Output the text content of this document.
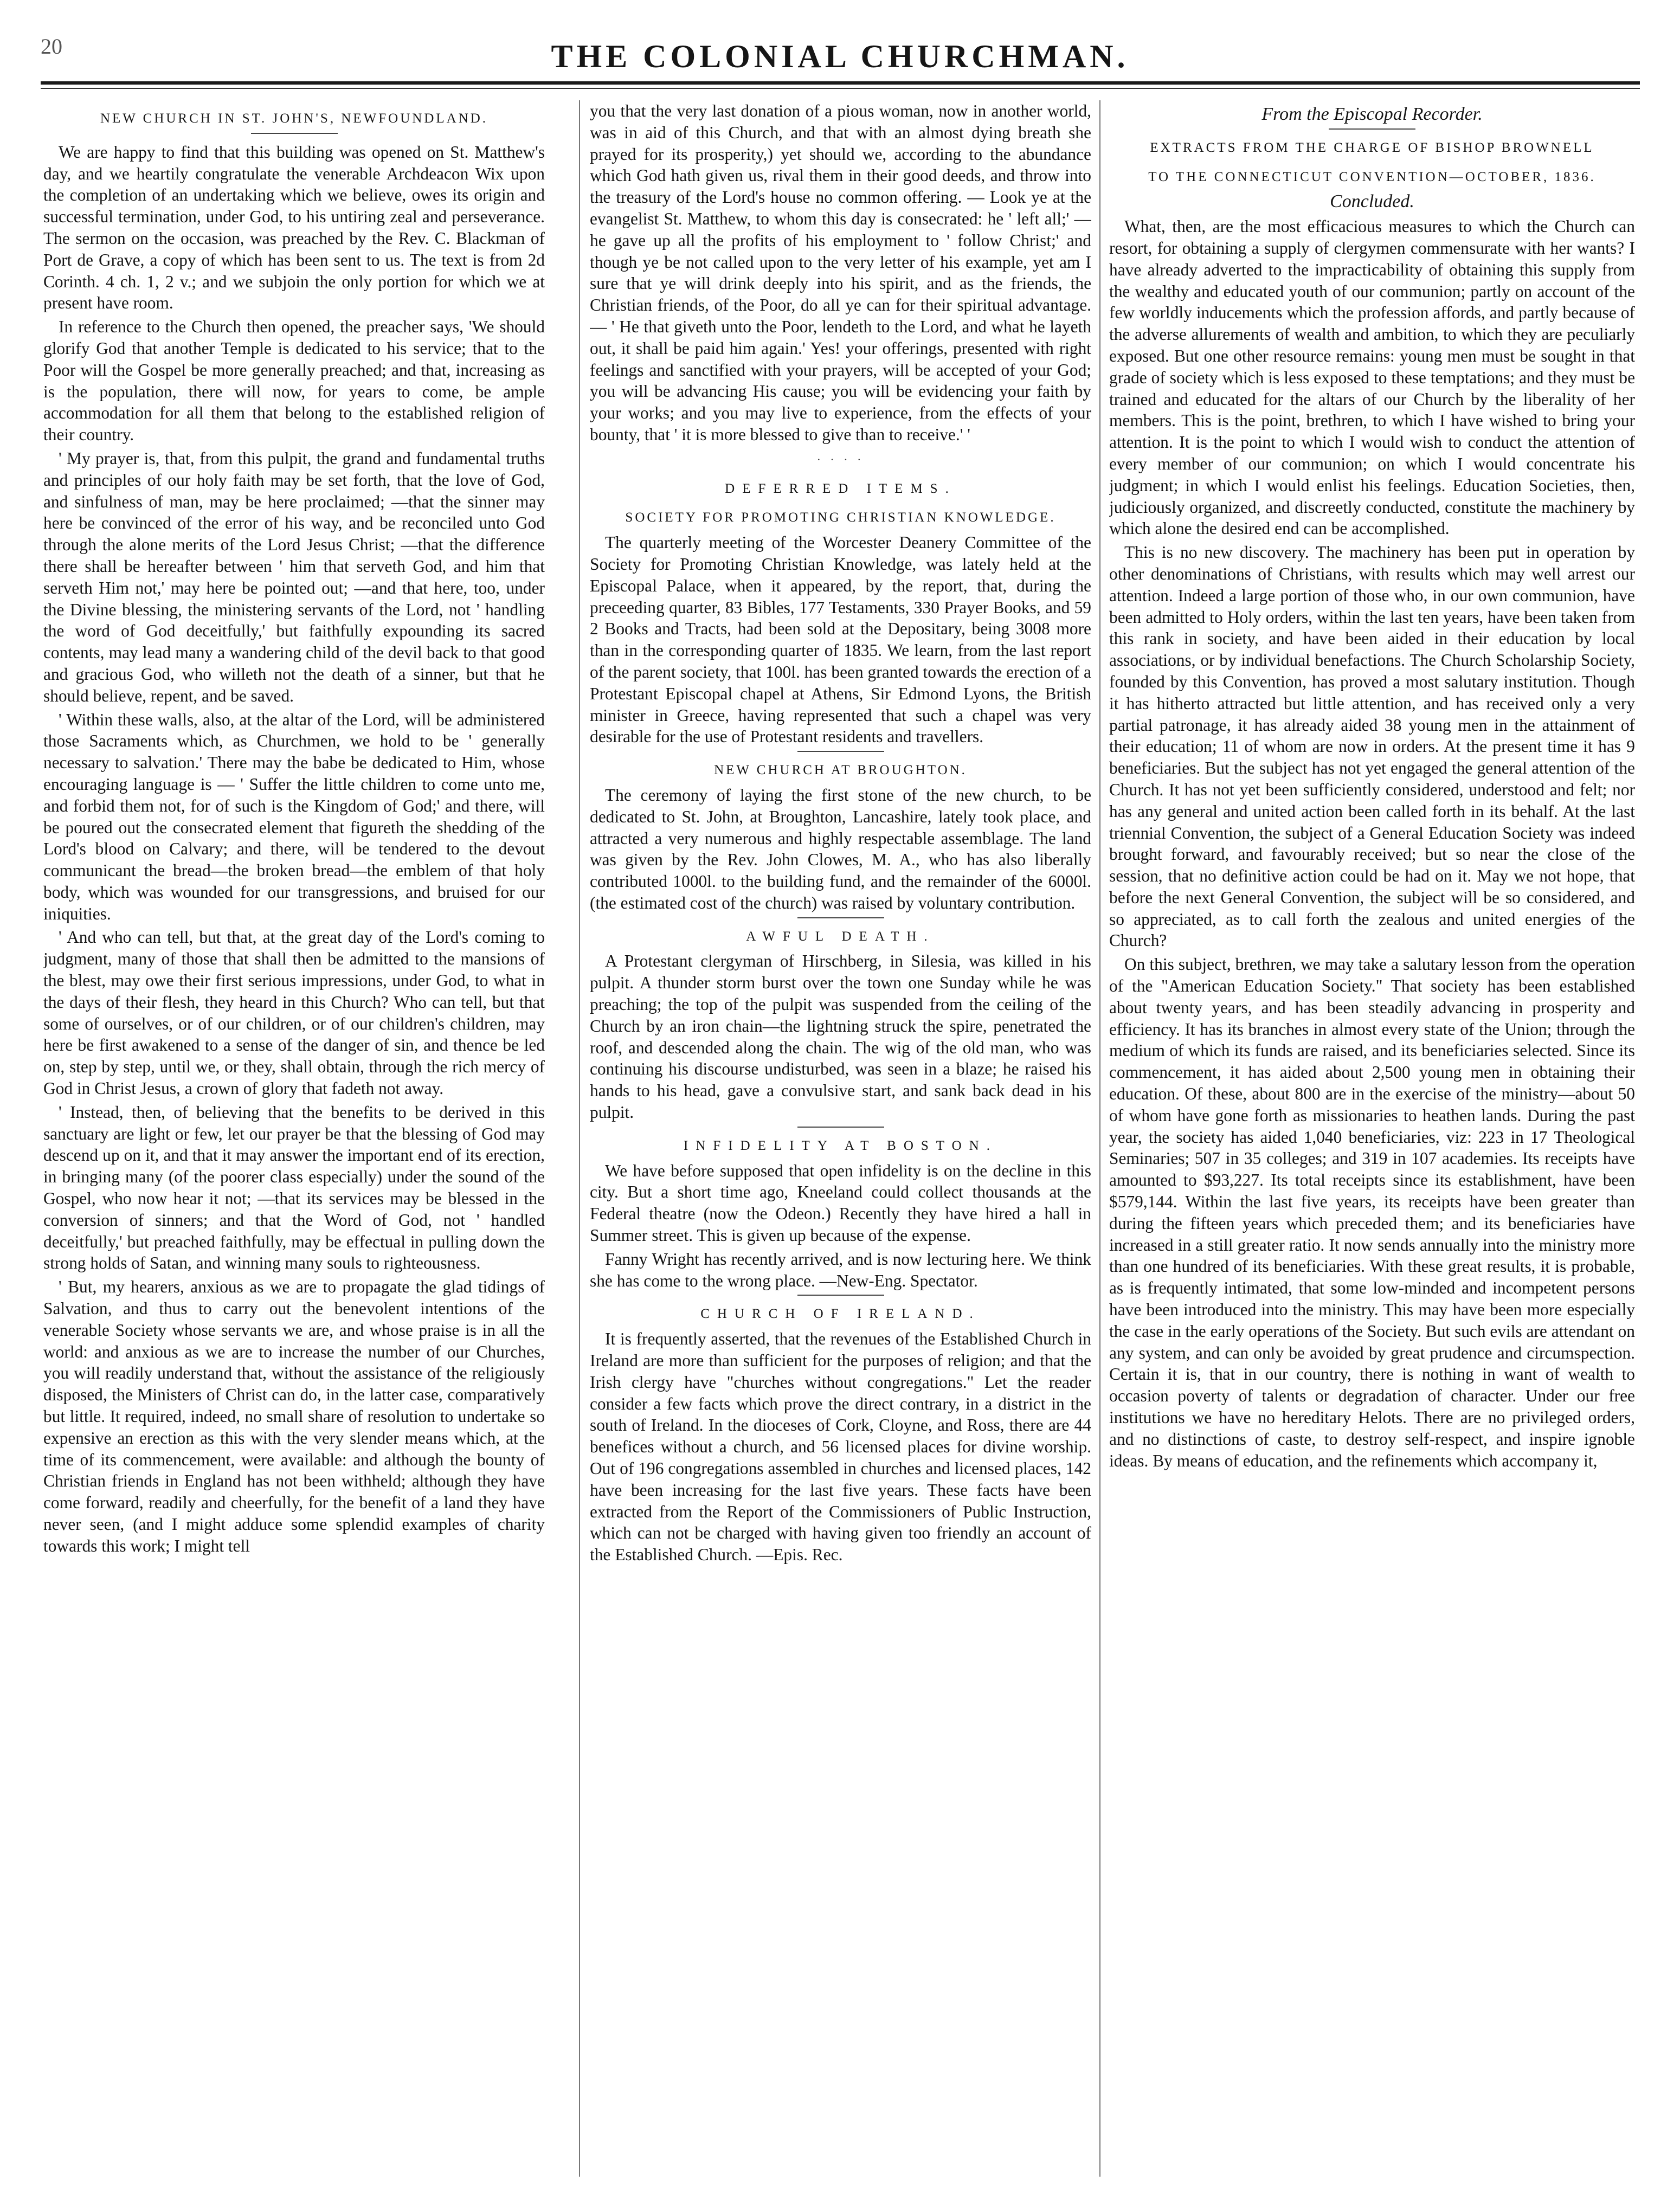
20	THE COLONIAL CHURCHMAN.
NEW CHURCH IN ST. JOHN'S, NEWFOUNDLAND.

We are happy to find that this building was opened on St. Matthew's day, and we heartily congratulate the venerable Archdeacon Wix upon the completion of an undertaking which we believe, owes its origin and successful termination, under God, to his untiring zeal and perseverance. The sermon on the occasion, was preached by the Rev. C. Blackman of Port de Grave, a copy of which has been sent to us. The text is from 2d Corinth. 4 ch. 1, 2 v.; and we subjoin the only portion for which we at present have room.

In reference to the Church then opened, the preacher says, 'We should glorify God that another Temple is dedicated to his service; that to the Poor will the Gospel be more generally preached; and that, increasing as is the population, there will now, for years to come, be ample accommodation for all them that belong to the established religion of their country.

' My prayer is, that, from this pulpit, the grand and fundamental truths and principles of our holy faith may be set forth, that the love of God, and sinfulness of man, may be here proclaimed; —that the sinner may here be convinced of the error of his way, and be reconciled unto God through the alone merits of the Lord Jesus Christ; —that the difference there shall be hereafter between ' him that serveth God, and him that serveth Him not,' may here be pointed out; —and that here, too, under the Divine blessing, the ministering servants of the Lord, not ' handling the word of God deceitfully,' but faithfully expounding its sacred contents, may lead many a wandering child of the devil back to that good and gracious God, who willeth not the death of a sinner, but that he should believe, repent, and be saved.

' Within these walls, also, at the altar of the Lord, will be administered those Sacraments which, as Churchmen, we hold to be ' generally necessary to salvation.' There may the babe be dedicated to Him, whose encouraging language is — ' Suffer the little children to come unto me, and forbid them not, for of such is the Kingdom of God;' and there, will be poured out the consecrated element that figureth the shedding of the Lord's blood on Calvary; and there, will be tendered to the devout communicant the bread—the broken bread—the emblem of that holy body, which was wounded for our transgressions, and bruised for our iniquities.

' And who can tell, but that, at the great day of the Lord's coming to judgment, many of those that shall then be admitted to the mansions of the blest, may owe their first serious impressions, under God, to what in the days of their flesh, they heard in this Church? Who can tell, but that some of ourselves, or of our children, or of our children's children, may here be first awakened to a sense of the danger of sin, and thence be led on, step by step, until we, or they, shall obtain, through the rich mercy of God in Christ Jesus, a crown of glory that fadeth not away.

' Instead, then, of believing that the benefits to be derived in this sanctuary are light or few, let our prayer be that the blessing of God may descend up on it, and that it may answer the important end of its erection, in bringing many (of the poorer class especially) under the sound of the Gospel, who now hear it not; —that its services may be blessed in the conversion of sinners; and that the Word of God, not ' handled deceitfully,' but preached faithfully, may be effectual in pulling down the strong holds of Satan, and winning many souls to righteousness.

' But, my hearers, anxious as we are to propagate the glad tidings of Salvation, and thus to carry out the benevolent intentions of the venerable Society whose servants we are, and whose praise is in all the world: and anxious as we are to increase the number of our Churches, you will readily understand that, without the assistance of the religiously disposed, the Ministers of Christ can do, in the latter case, comparatively but little. It required, indeed, no small share of resolution to undertake so expensive an erection as this with the very slender means which, at the time of its commencement, were available: and although the bounty of Christian friends in England has not been withheld; although they have come forward, readily and cheerfully, for the benefit of a land they have never seen, (and I might adduce some splendid examples of charity towards this work; I might tell

you that the very last donation of a pious woman, now in another world, was in aid of this Church, and that with an almost dying breath she prayed for its prosperity,) yet should we, according to the abundance which God hath given us, rival them in their good deeds, and throw into the treasury of the Lord's house no common offering. — Look ye at the evangelist St. Matthew, to whom this day is consecrated: he ' left all;' — he gave up all the profits of his employment to ' follow Christ;' and though ye be not called upon to the very letter of his example, yet am I sure that ye will drink deeply into his spirit, and as the friends, the Christian friends, of the Poor, do all ye can for their spiritual advantage. — ' He that giveth unto the Poor, lendeth to the Lord, and what he layeth out, it shall be paid him again.' Yes! your offerings, presented with right feelings and sanctified with your prayers, will be accepted of your God; you will be advancing His cause; you will be evidencing your faith by your works; and you may live to experience, from the effects of your bounty, that ' it is more blessed to give than to receive.' '

· · · ·
DEFERRED ITEMS.
SOCIETY FOR PROMOTING CHRISTIAN KNOWLEDGE.

The quarterly meeting of the Worcester Deanery Committee of the Society for Promoting Christian Knowledge, was lately held at the Episcopal Palace, when it appeared, by the report, that, during the preceeding quarter, 83 Bibles, 177 Testaments, 330 Prayer Books, and 59 2 Books and Tracts, had been sold at the Depositary, being 3008 more than in the corresponding quarter of 1835. We learn, from the last report of the parent society, that 100l. has been granted towards the erection of a Protestant Episcopal chapel at Athens, Sir Edmond Lyons, the British minister in Greece, having represented that such a chapel was very desirable for the use of Protestant residents and travellers.

NEW CHURCH AT BROUGHTON.

The ceremony of laying the first stone of the new church, to be dedicated to St. John, at Broughton, Lancashire, lately took place, and attracted a very numerous and highly respectable assemblage. The land was given by the Rev. John Clowes, M. A., who has also liberally contributed 1000l. to the building fund, and the remainder of the 6000l. (the estimated cost of the church) was raised by voluntary contribution.

AWFUL DEATH.

A Protestant clergyman of Hirschberg, in Silesia, was killed in his pulpit. A thunder storm burst over the town one Sunday while he was preaching; the top of the pulpit was suspended from the ceiling of the Church by an iron chain—the lightning struck the spire, penetrated the roof, and descended along the chain. The wig of the old man, who was continuing his discourse undisturbed, was seen in a blaze; he raised his hands to his head, gave a convulsive start, and sank back dead in his pulpit.

INFIDELITY AT BOSTON.

We have before supposed that open infidelity is on the decline in this city. But a short time ago, Kneeland could collect thousands at the Federal theatre (now the Odeon.) Recently they have hired a hall in Summer street. This is given up because of the expense.

Fanny Wright has recently arrived, and is now lecturing here. We think she has come to the wrong place. —New-Eng. Spectator.

CHURCH OF IRELAND.

It is frequently asserted, that the revenues of the Established Church in Ireland are more than sufficient for the purposes of religion; and that the Irish clergy have "churches without congregations." Let the reader consider a few facts which prove the direct contrary, in a district in the south of Ireland. In the dioceses of Cork, Cloyne, and Ross, there are 44 benefices without a church, and 56 licensed places for divine worship. Out of 196 congregations assembled in churches and licensed places, 142 have been increasing for the last five years. These facts have been extracted from the Report of the Commissioners of Public Instruction, which can not be charged with having given too friendly an account of the Established Church. —Epis. Rec.

From the Episcopal Recorder.
EXTRACTS FROM THE CHARGE OF BISHOP BROWNELL
TO THE CONNECTICUT CONVENTION—OCTOBER, 1836.
Concluded.

What, then, are the most efficacious measures to which the Church can resort, for obtaining a supply of clergymen commensurate with her wants? I have already adverted to the impracticability of obtaining this supply from the wealthy and educated youth of our communion; partly on account of the few worldly inducements which the profession affords, and partly because of the adverse allurements of wealth and ambition, to which they are peculiarly exposed. But one other resource remains: young men must be sought in that grade of society which is less exposed to these temptations; and they must be trained and educated for the altars of our Church by the liberality of her members. This is the point, brethren, to which I have wished to bring your attention. It is the point to which I would wish to conduct the attention of every member of our communion; on which I would concentrate his judgment; in which I would enlist his feelings. Education Societies, then, judiciously organized, and discreetly conducted, constitute the machinery by which alone the desired end can be accomplished.

This is no new discovery. The machinery has been put in operation by other denominations of Christians, with results which may well arrest our attention. Indeed a large portion of those who, in our own communion, have been admitted to Holy orders, within the last ten years, have been taken from this rank in society, and have been aided in their education by local associations, or by individual benefactions. The Church Scholarship Society, founded by this Convention, has proved a most salutary institution. Though it has hitherto attracted but little attention, and has received only a very partial patronage, it has already aided 38 young men in the attainment of their education; 11 of whom are now in orders. At the present time it has 9 beneficiaries. But the subject has not yet engaged the general attention of the Church. It has not yet been sufficiently considered, understood and felt; nor has any general and united action been called forth in its behalf. At the last triennial Convention, the subject of a General Education Society was indeed brought forward, and favourably received; but so near the close of the session, that no definitive action could be had on it. May we not hope, that before the next General Convention, the subject will be so considered, and so appreciated, as to call forth the zealous and united energies of the Church?

On this subject, brethren, we may take a salutary lesson from the operation of the "American Education Society." That society has been established about twenty years, and has been steadily advancing in prosperity and efficiency. It has its branches in almost every state of the Union; through the medium of which its funds are raised, and its beneficiaries selected. Since its commencement, it has aided about 2,500 young men in obtaining their education. Of these, about 800 are in the exercise of the ministry—about 50 of whom have gone forth as missionaries to heathen lands. During the past year, the society has aided 1,040 beneficiaries, viz: 223 in 17 Theological Seminaries; 507 in 35 colleges; and 319 in 107 academies. Its receipts have amounted to $93,227. Its total receipts since its establishment, have been $579,144. Within the last five years, its receipts have been greater than during the fifteen years which preceded them; and its beneficiaries have increased in a still greater ratio. It now sends annually into the ministry more than one hundred of its beneficiaries. With these great results, it is probable, as is frequently intimated, that some low-minded and incompetent persons have been introduced into the ministry. This may have been more especially the case in the early operations of the Society. But such evils are attendant on any system, and can only be avoided by great prudence and circumspection. Certain it is, that in our country, there is nothing in want of wealth to occasion poverty of talents or degradation of character. Under our free institutions we have no hereditary Helots. There are no privileged orders, and no distinctions of caste, to destroy self-respect, and inspire ignoble ideas. By means of education, and the refinements which accompany it,
